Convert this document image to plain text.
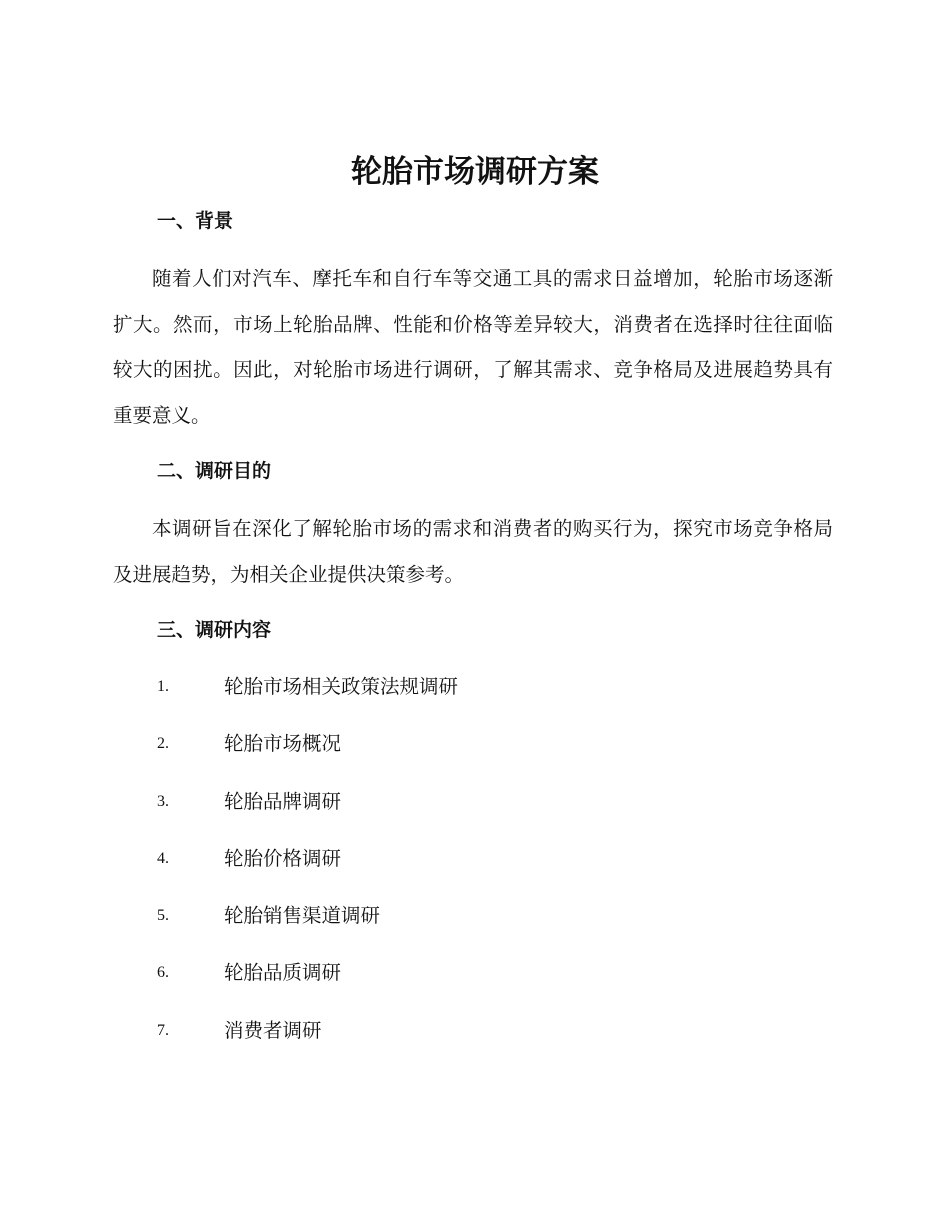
轮胎市场调研方案
一、背景

随着人们对汽车、摩托车和自行车等交通工具的需求日益增加，轮胎市场逐渐扩大。然而，市场上轮胎品牌、性能和价格等差异较大，消费者在选择时往往面临较大的困扰。因此，对轮胎市场进行调研，了解其需求、竞争格局及进展趋势具有重要意义。

二、调研目的

本调研旨在深化了解轮胎市场的需求和消费者的购买行为，探究市场竞争格局及进展趋势，为相关企业提供决策参考。

三、调研内容
1.	轮胎市场相关政策法规调研
2.	轮胎市场概况
3.	轮胎品牌调研
4.	轮胎价格调研
5.	轮胎销售渠道调研
6.	轮胎品质调研
7.	消费者调研
